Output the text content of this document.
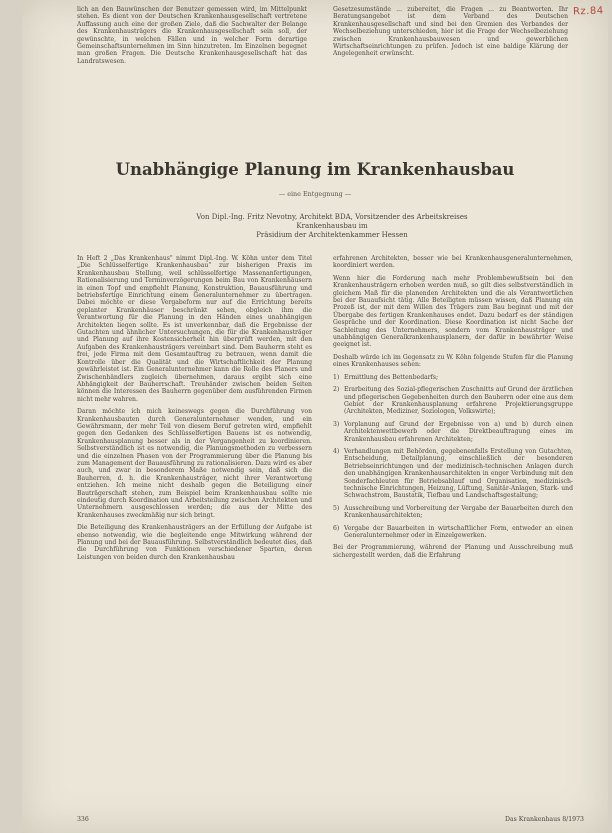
Rz.84

lich an den Bauwünschen der Benutzer gemessen wird, im Mittelpunkt stehen. Es dient von der Deutschen Krankenhausgesellschaft vertretene Auffassung auch eine der großen Ziele, daß die Sachwalter der Belange des Krankenhausträgers die Krankenhausgesellschaft sein soll, der gewünschte, in welchen Fällen und in welcher Form derartige Gemeinschaftsunternehmen im Sinn hinzutreten. Im Einzelnen begegnet man großen Fragen. Die Deutsche Krankenhausgesellschaft hat das Landratswesen.

Gesetzesumstände ... zubereitet, die Fragen ... zu Beantworten. Ihr Beratungsangebot ist dem Verband des Deutschen Krankenhausgesellschaft und sind bei den Gremien des Verbandes der Wechselbeziehung unterschieden, hier ist die Frage der Wechselbeziehung zwischen Krankenhausbauwesen und gewerblichen Wirtschaftseinrichtungen zu prüfen. Jedoch ist eine baldige Klärung der Angelegenheit erwünscht.

Unabhängige Planung im Krankenhausbau
— eine Entgegnung —
Von Dipl.-Ing. Fritz Nevotny, Architekt BDA, Vorsitzender des Arbeitskreises Krankenhausbau im
Präsidium der Architektenkammer Hessen

In Heft 2 „Das Krankenhaus" nimmt Dipl.-Ing. W. Köhn unter dem Titel „Die Schlüsselfertige Krankenhausbau" zur bisherigen Praxis im Krankenhausbau Stellung, weil schlüsselfertige Massenanfertigungen, Rationalisierung und Terminverzögerungen beim Bau von Krankenhäusern in einen Topf und empfiehlt Planung, Konstruktion, Bauausführung und betriebsfertige Einrichtung einem Generalunternehmer zu übertragen. Dabei möchte er diese Vergabeform nur auf die Errichtung bereits geplanter Krankenhäuser beschränkt sehen, obgleich ihm die Verantwortung für die Planung in den Händen eines unabhängigen Architekten liegen sollte. Es ist unverkennbar, daß die Ergebnisse der Gutachten und ähnlicher Untersuchungen, die für die Krankenhausträger und Planung auf ihre Kostensicherheit hin überprüft werden, mit den Aufgaben des Krankenhausträgers vereinbart sind. Dem Bauherrn steht es frei, jede Firma mit dem Gesamtauftrag zu betrauen, wenn damit die Kontrolle über die Qualität und die Wirtschaftlichkeit der Planung gewährleistet ist. Ein Generalunternehmer kann die Rolle des Planers und Zwischenhändlers zugleich übernehmen, daraus ergibt sich eine Abhängigkeit der Bauherrschaft. Treuhänder zwischen beiden Seiten können die Interessen des Bauherrn gegenüber dem ausführenden Firmen nicht mehr wahren.

Daran möchte ich mich keineswegs gegen die Durchführung von Krankenhausbauten durch Generalunternehmer wenden, und ein Gewährsmann, der mehr Teil von diesem Beruf getreten wird, empfiehlt gegen den Gedanken des Schlüsselfertigen Bauens ist es notwendig, Krankenhausplanung besser als in der Vergangenheit zu koordinieren. Selbstverständlich ist es notwendig, die Planungsmethoden zu verbessern und die einzelnen Phasen von der Programmierung über die Planung bis zum Management der Bauausführung zu rationalisieren. Dazu wird es aber auch, und zwar in besonderem Maße notwendig sein, daß sich die Bauherren, d. h. die Krankenhausträger, nicht ihrer Verantwortung entziehen. Ich meine nicht deshalb gegen die Beteiligung einer Bauträgerschaft stehen, zum Beispiel beim Krankenhausbau sollte nie eindeutig durch Koordination und Arbeitsteilung zwischen Architekten und Unternehmern ausgeschlossen werden; die aus der Mitte des Krankenhauses zweckmäßig nur sich bringt.

Die Beteiligung des Krankenhausträgers an der Erfüllung der Aufgabe ist ebenso notwendig, wie die begleitende enge Mitwirkung während der Planung und bei der Bauausführung. Selbstverständlich bedeutet dies, daß die Durchführung von Funktionen verschiedener Sparten, deren Leistungen von beiden durch den Krankenhausbau

erfahrenen Architekten, besser wie bei Krankenhausgeneralunternehmen, koordiniert werden.

Wenn hier die Forderung nach mehr Problembewußtsein bei den Krankenhausträgern erhoben werden muß, so gilt dies selbstverständlich in gleichem Maß für die planenden Architekten und die als Verantwortlichen bei der Bauaufsicht tätig. Alle Beteiligten müssen wissen, daß Planung ein Prozeß ist, der mit dem Willen des Trägers zum Bau beginnt und mit der Übergabe des fertigen Krankenhauses endet. Dazu bedarf es der ständigen Gespräche und der Koordination. Diese Koordination ist nicht Sache der Sachleitung des Unternehmers, sondern vom Krankenhausträger und unabhängigen Generalkrankenhausplanern, der dafür in bewährter Weise geeignet ist.

Deshalb würde ich im Gegensatz zu W. Köhn folgende Stufen für die Planung eines Krankenhauses sehen:

1) Ermittlung des Bettenbedarfs;
2) Erarbeitung des Sozial-pflegerischen Zuschnitts auf Grund der ärztlichen und pflegerischen Gegebenheiten durch den Bauherrn oder eine aus dem Gebiet der Krankenhausplanung erfahrene Projektierungsgruppe (Architekten, Mediziner, Soziologen, Volkswirte);
3) Vorplanung auf Grund der Ergebnisse von a) und b) durch einen Architektenwettbewerb oder die Direktbeauftragung eines im Krankenhausbau erfahrenen Architekten;
4) Verhandlungen mit Behörden, gegebenenfalls Erstellung von Gutachten, Entscheidung, Detailplanung, einschließlich der besonderen Betriebseinrichtungen und der medizinisch-technischen Anlagen durch den unabhängigen Krankenhausarchitekten in enger Verbindung mit den Sonderfachleuten für Betriebsablauf und Organisation, medizinisch-technische Einrichtungen, Heizung, Lüftung, Sanitär-Anlagen, Stark- und Schwachstrom, Baustatik, Tiefbau und Landschaftsgestaltung;
5) Ausschreibung und Vorbereitung der Vergabe der Bauarbeiten durch den Krankenhausarchitekten;
6) Vergabe der Bauarbeiten in wirtschaftlicher Form, entweder an einen Generalunternehmer oder in Einzelgewerken.

Bei der Programmierung, während der Planung und Ausschreibung muß sichergestellt werden, daß die Erfahrung

336	Das Krankenhaus 8/1973
